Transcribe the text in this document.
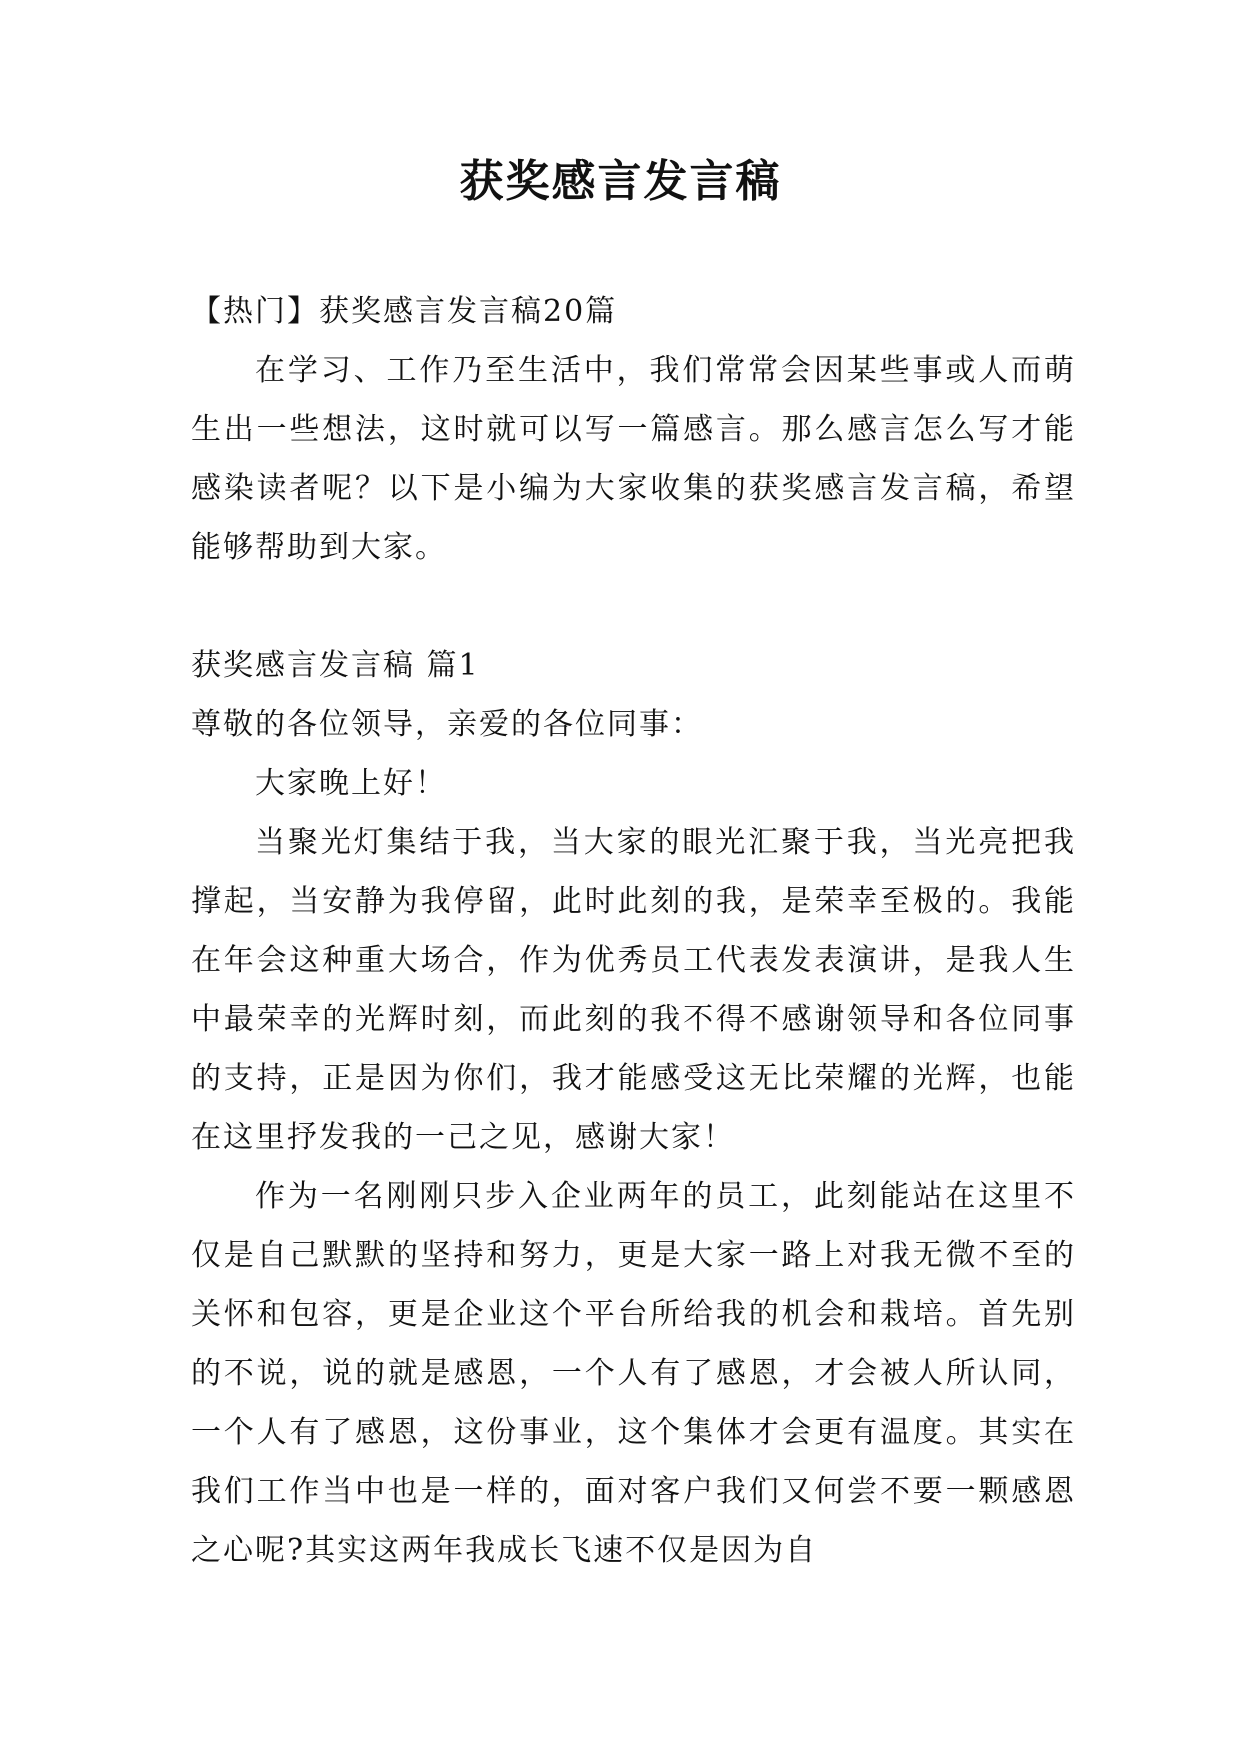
获奖感言发言稿

【热门】获奖感言发言稿20篇

在学习、工作乃至生活中，我们常常会因某些事或人而萌生出一些想法，这时就可以写一篇感言。那么感言怎么写才能感染读者呢？以下是小编为大家收集的获奖感言发言稿，希望能够帮助到大家。

获奖感言发言稿 篇1

尊敬的各位领导，亲爱的各位同事：

大家晚上好！

当聚光灯集结于我，当大家的眼光汇聚于我，当光亮把我撑起，当安静为我停留，此时此刻的我，是荣幸至极的。我能在年会这种重大场合，作为优秀员工代表发表演讲，是我人生中最荣幸的光辉时刻，而此刻的我不得不感谢领导和各位同事的支持，正是因为你们，我才能感受这无比荣耀的光辉，也能在这里抒发我的一己之见，感谢大家！

作为一名刚刚只步入企业两年的员工，此刻能站在这里不仅是自己默默的坚持和努力，更是大家一路上对我无微不至的关怀和包容，更是企业这个平台所给我的机会和栽培。首先别的不说，说的就是感恩，一个人有了感恩，才会被人所认同，一个人有了感恩，这份事业，这个集体才会更有温度。其实在我们工作当中也是一样的，面对客户我们又何尝不要一颗感恩之心呢?其实这两年我成长飞速不仅是因为自
